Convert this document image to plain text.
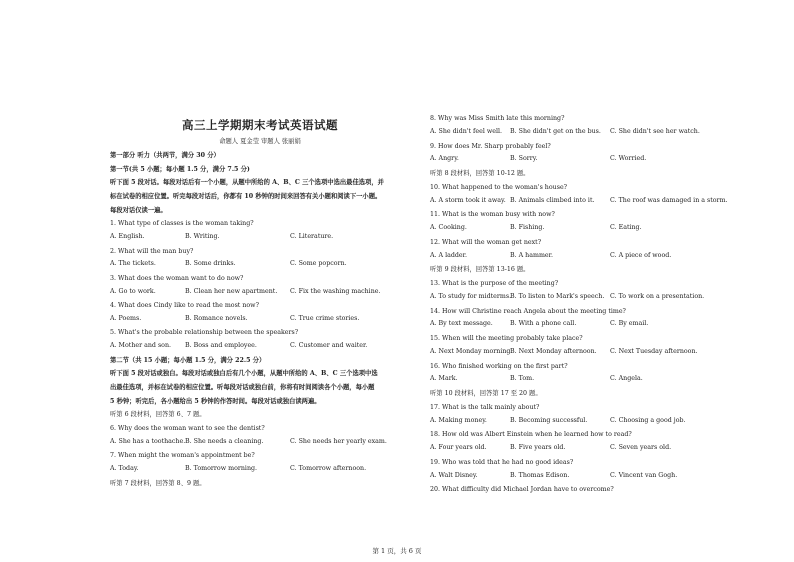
高三上学期期末考试英语试题
命题人 夏金莹 审题人 张丽娟
第一部分 听力（共两节，满分 30 分）
第一节(共 5 小题；每小题 1.5 分，满分 7.5 分)
听下面 5 段对话。每段对话后有一个小题，从题中所给的 A、B、C 三个选项中选出最佳选项，并
标在试卷的相应位置。听完每段对话后，你都有 10 秒钟的时间来回答有关小题和阅读下一小题。
每段对话仅读一遍。
1. What type of classes is the woman taking?
A. English.	B. Writing.	C. Literature.
2. What will the man buy?
A. The tickets.	B. Some drinks.	C. Some popcorn.
3. What does the woman want to do now?
A. Go to work.	B. Clean her new apartment. C. Fix the washing machine.
4. What does Cindy like to read the most now?
A. Poems.	B. Romance novels.	C. True crime stories.
5. What's the probable relationship between the speakers?
A. Mother and son. B. Boss and employee.	C. Customer and waiter.
第二节（共 15 小题；每小题 1.5 分，满分 22.5 分）
听下面 5 段对话或独白。每段对话或独白后有几个小题，从题中所给的 A、B、C 三个选项中选
出最佳选项，并标在试卷的相应位置。听每段对话或独白前，你将有时间阅读各个小题，每小题
5 秒钟；听完后，各小题给出 5 秒钟的作答时间。每段对话或独白读两遍。
听第 6 段材料，回答第 6、7 题。
6. Why does the woman want to see the dentist?
A. She has a toothache. B. She needs a cleaning.	C. She needs her yearly exam.
7. When might the woman's appointment be?
A. Today.	B. Tomorrow morning.	C. Tomorrow afternoon.
听第 7 段材料，回答第 8、9 题。
8. Why was Miss Smith late this morning?
A. She didn't feel well. B. She didn't get on the bus. C. She didn't see her watch.
9. How does Mr. Sharp probably feel?
A. Angry.	B. Sorry.	C. Worried.
听第 8 段材料，回答第 10-12 题。
10. What happened to the woman's house?
A. A storm took it away. B. Animals climbed into it. C. The roof was damaged in a storm.
11. What is the woman busy with now?
A. Cooking.	B. Fishing.	C. Eating.
12. What will the woman get next?
A. A ladder.	B. A hammer.	C. A piece of wood.
听第 9 段材料，回答第 13-16 题。
13. What is the purpose of the meeting?
A. To study for midterms.
B. To listen to Mark's speech. C. To work on a presentation.
14. How will Christine reach Angela about the meeting time?
A. By text message.	B. With a phone call.	C. By email.
15. When will the meeting probably take place?
A. Next Monday morning.
B. Next Monday afternoon. C. Next Tuesday afternoon.
16. Who finished working on the first part?
A. Mark.	B. Tom.	C. Angela.
听第 10 段材料，回答第 17 至 20 题。
17. What is the talk mainly about?
A. Making money.	B. Becoming successful.	C. Choosing a good job.
18. How old was Albert Einstein when he learned how to read?
A. Four years old.	B. Five years old.	C. Seven years old.
19. Who was told that he had no good ideas?
A. Walt Disney.	B. Thomas Edison.	C. Vincent van Gogh.
20. What difficulty did Michael Jordan have to overcome?
第 1 页，共 6 页
